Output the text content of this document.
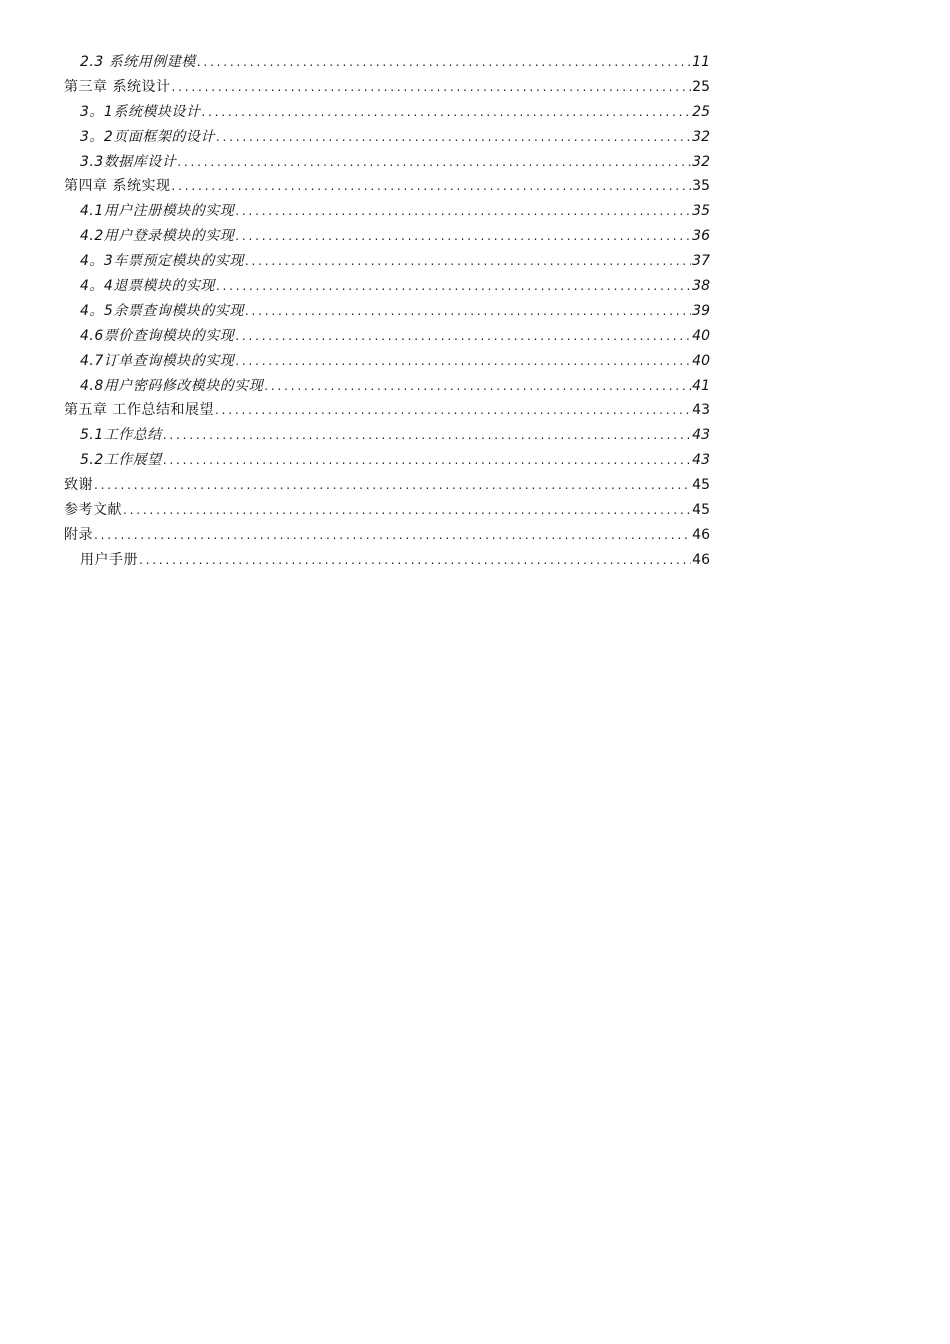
2.3 系统用例建模 . . .	11
第三章 系统设计 . . .	25
3。1系统模块设计 . . .	25
3。2页面框架的设计 . . .	32
3.3数据库设计 . . .	32
第四章 系统实现 . . .	35
4.1用户注册模块的实现 . . .	35
4.2用户登录模块的实现 . . .	36
4。3车票预定模块的实现 . . .	37
4。4退票模块的实现 . . .	38
4。5余票查询模块的实现 . . .	39
4.6票价查询模块的实现 . . .	40
4.7订单查询模块的实现 . . .	40
4.8用户密码修改模块的实现 . . .	41
第五章 工作总结和展望 . . .	43
5.1工作总结 . . .	43
5.2工作展望 . . .	43
致谢 . . .	45
参考文献 . . .	45
附录 . . .	46
用户手册 . . .	46
